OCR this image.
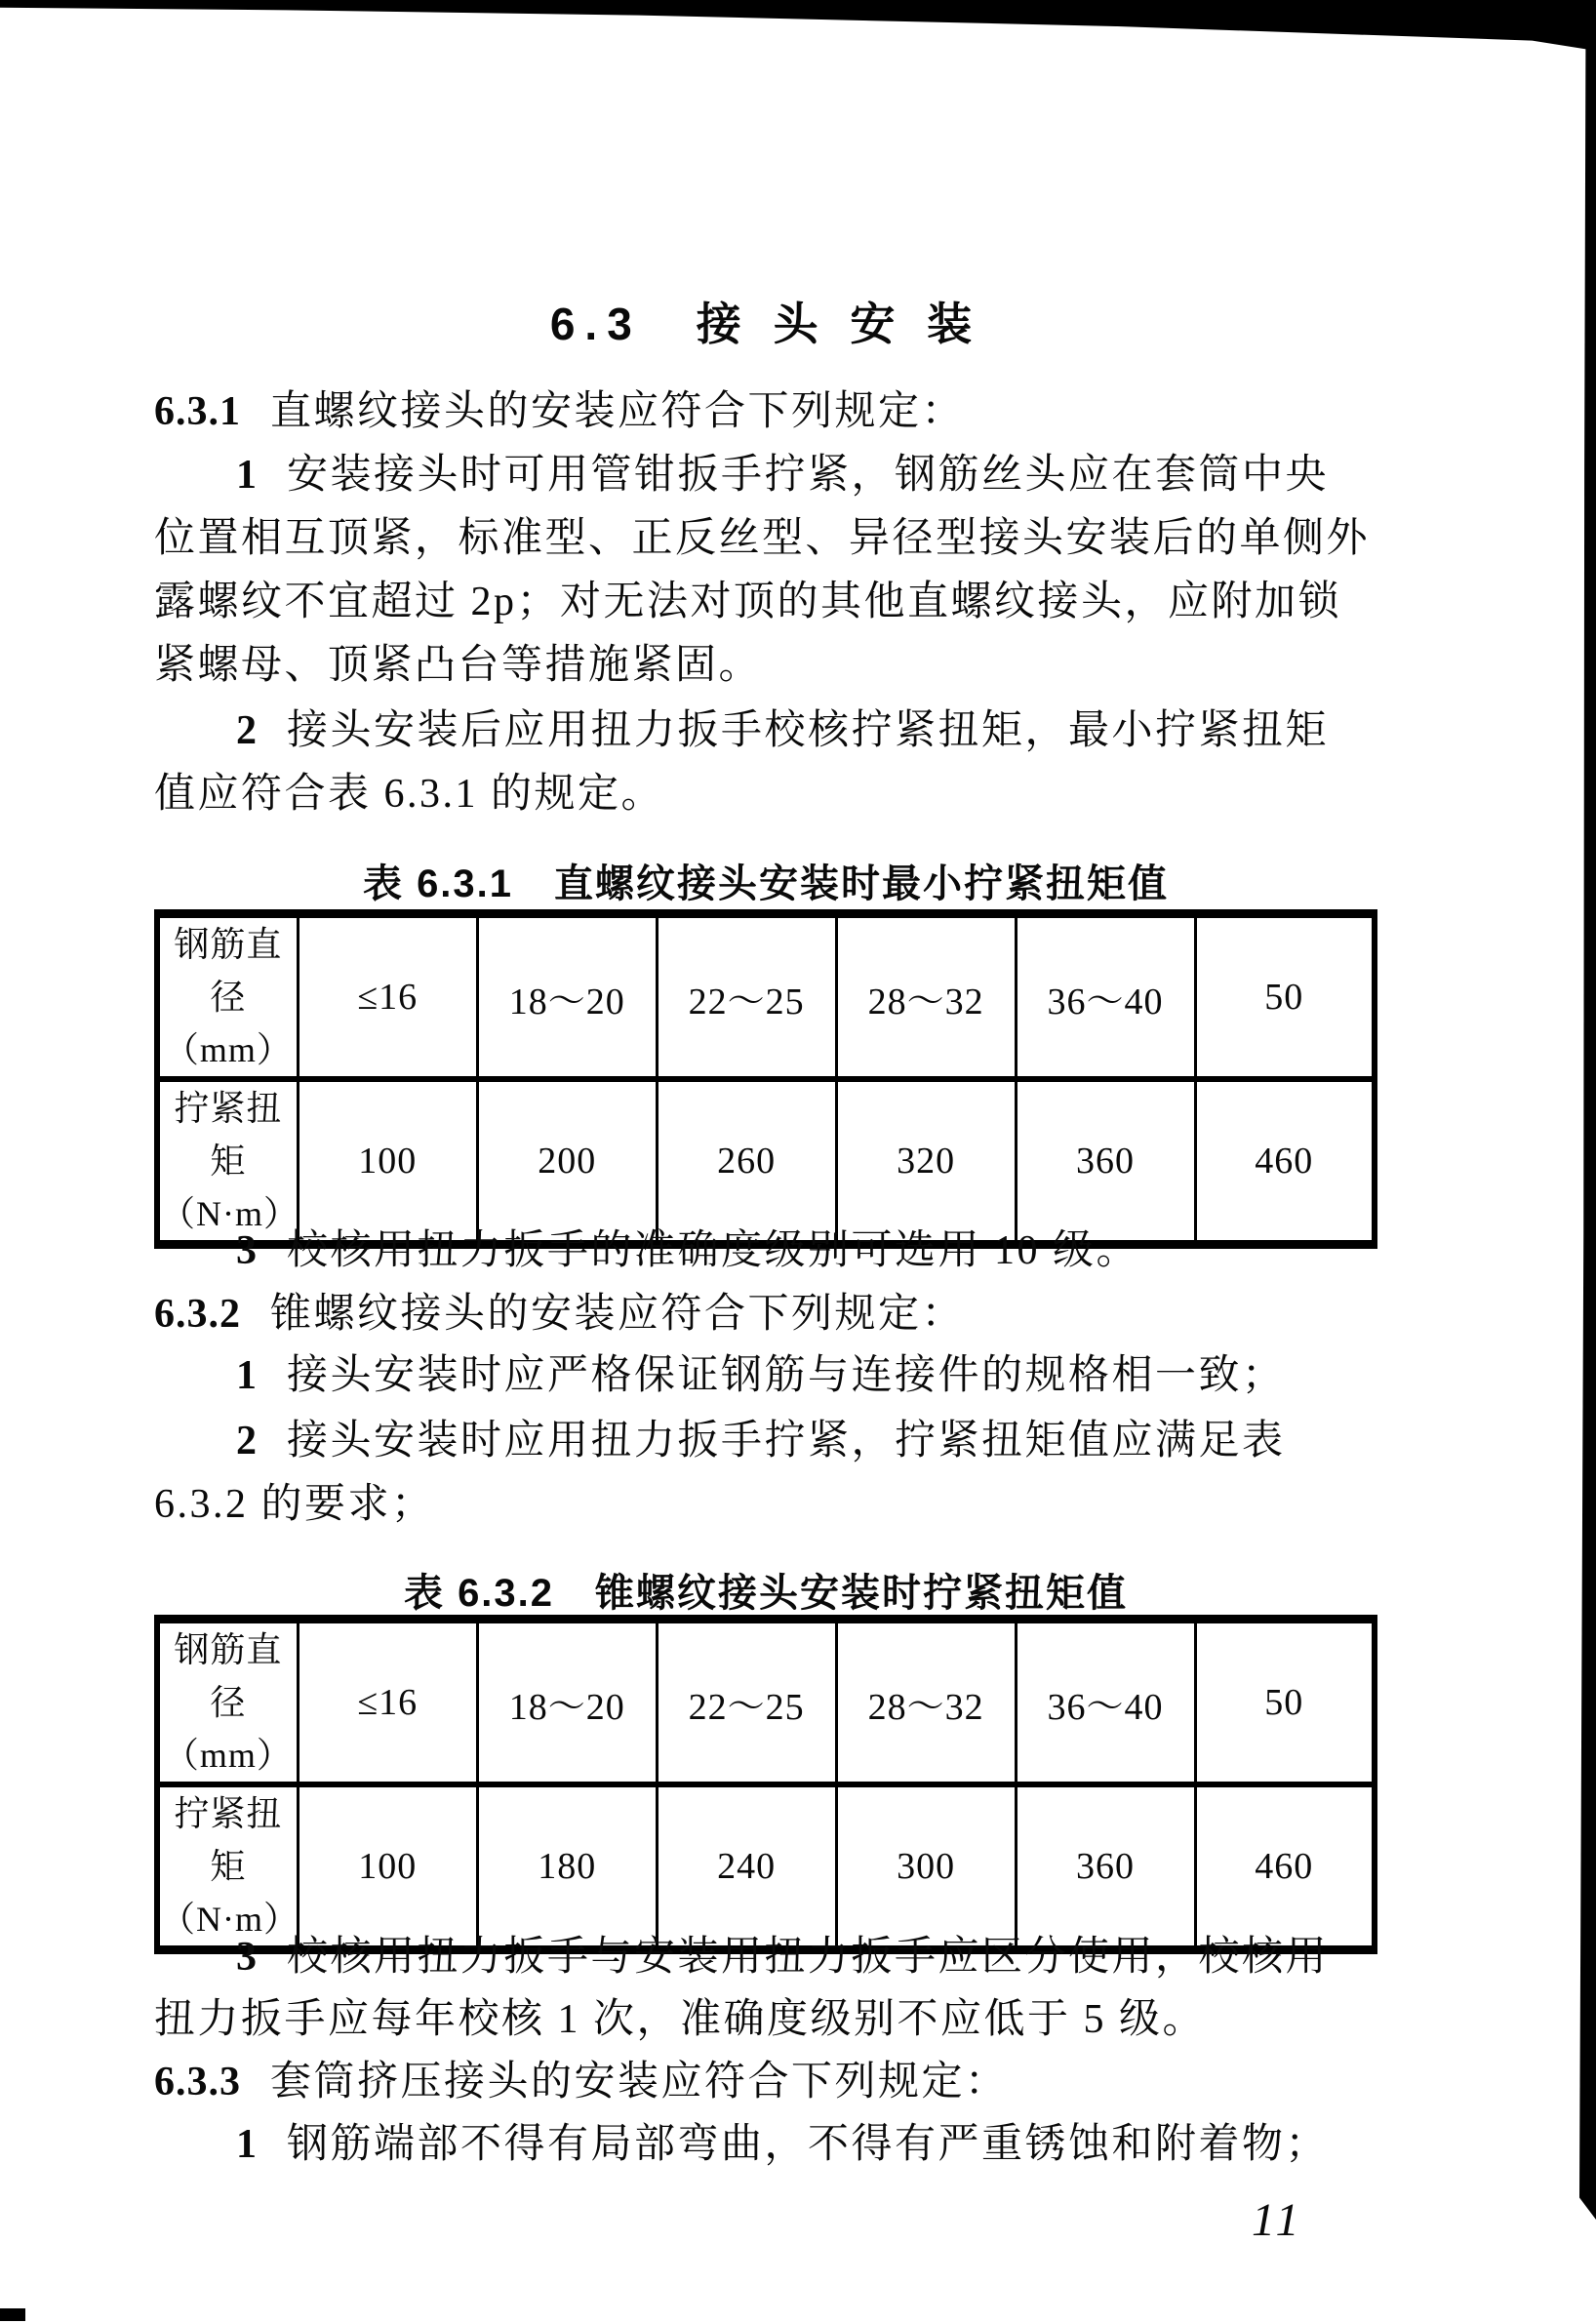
6.3　接 头 安 装
6.3.1 直螺纹接头的安装应符合下列规定：
1 安装接头时可用管钳扳手拧紧，钢筋丝头应在套筒中央
位置相互顶紧，标准型、正反丝型、异径型接头安装后的单侧外
露螺纹不宜超过 2p；对无法对顶的其他直螺纹接头，应附加锁
紧螺母、顶紧凸台等措施紧固。
2 接头安装后应用扭力扳手校核拧紧扭矩，最小拧紧扭矩
值应符合表 6.3.1 的规定。
表 6.3.1　直螺纹接头安装时最小拧紧扭矩值
钢筋直径
（mm）	≤16	18～20	22～25	28～32	36～40	50

拧紧扭矩
（N·m）	100	200	260	320	360	460
3 校核用扭力扳手的准确度级别可选用 10 级。
6.3.2 锥螺纹接头的安装应符合下列规定：
1 接头安装时应严格保证钢筋与连接件的规格相一致；
2 接头安装时应用扭力扳手拧紧，拧紧扭矩值应满足表
6.3.2 的要求；
表 6.3.2　锥螺纹接头安装时拧紧扭矩值
钢筋直径
（mm）	≤16	18～20	22～25	28～32	36～40	50

拧紧扭矩
（N·m）	100	180	240	300	360	460
3 校核用扭力扳手与安装用扭力扳手应区分使用，校核用
扭力扳手应每年校核 1 次，准确度级别不应低于 5 级。
6.3.3 套筒挤压接头的安装应符合下列规定：
1 钢筋端部不得有局部弯曲，不得有严重锈蚀和附着物；
11
